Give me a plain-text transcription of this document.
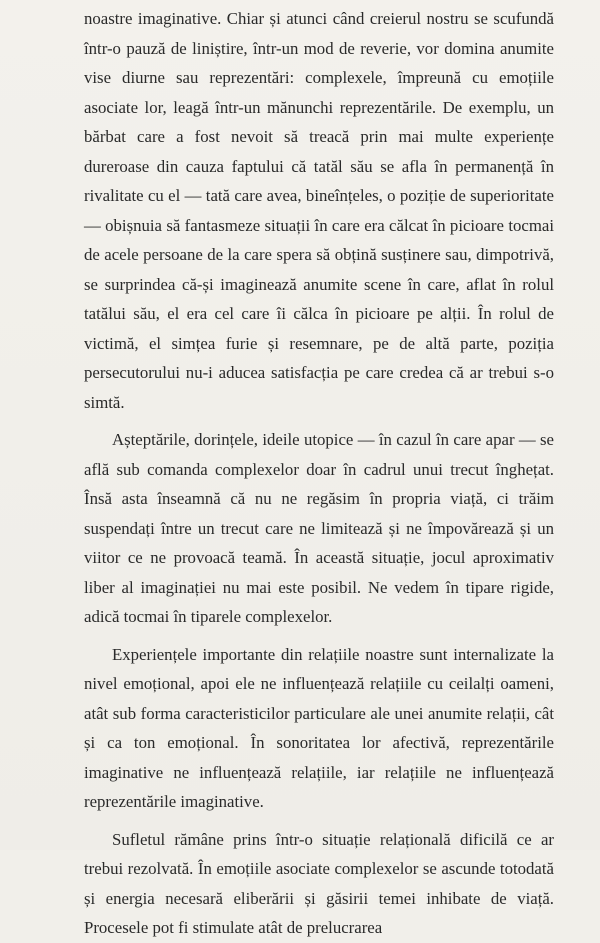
noastre imaginative. Chiar și atunci când creierul nostru se scufundă într-o pauză de liniștire, într-un mod de reverie, vor domina anumite vise diurne sau reprezentări: complexele, împreună cu emoțiile asociate lor, leagă într-un mănunchi reprezentările. De exemplu, un bărbat care a fost nevoit să treacă prin mai multe experiențe dureroase din cauza faptului că tatăl său se afla în permanență în rivalitate cu el — tată care avea, bineînțeles, o poziție de superioritate — obișnuia să fantasmeze situații în care era călcat în picioare tocmai de acele persoane de la care spera să obțină susținere sau, dimpotrivă, se surprindea că-și imaginează anumite scene în care, aflat în rolul tatălui său, el era cel care îi călca în picioare pe alții. În rolul de victimă, el simțea furie și resemnare, pe de altă parte, poziția persecutorului nu-i aducea satisfacția pe care credea că ar trebui s-o simtă.

Așteptările, dorințele, ideile utopice — în cazul în care apar — se află sub comanda complexelor doar în cadrul unui trecut înghețat. Însă asta înseamnă că nu ne regăsim în propria viață, ci trăim suspendați între un trecut care ne limitează și ne împovărează și un viitor ce ne provoacă teamă. În această situație, jocul aproximativ liber al imaginației nu mai este posibil. Ne vedem în tipare rigide, adică tocmai în tiparele complexelor.

Experiențele importante din relațiile noastre sunt internalizate la nivel emoțional, apoi ele ne influențează relațiile cu ceilalți oameni, atât sub forma caracteristicilor particulare ale unei anumite relații, cât și ca ton emoțional. În sonoritatea lor afectivă, reprezentările imaginative ne influențează relațiile, iar relațiile ne influențează reprezentările imaginative.

Sufletul rămâne prins într-o situație relațională dificilă ce ar trebui rezolvată. În emoțiile asociate complexelor se ascunde totodată și energia necesară eliberării și găsirii temei inhibate de viață. Procesele pot fi stimulate atât de prelucrarea
